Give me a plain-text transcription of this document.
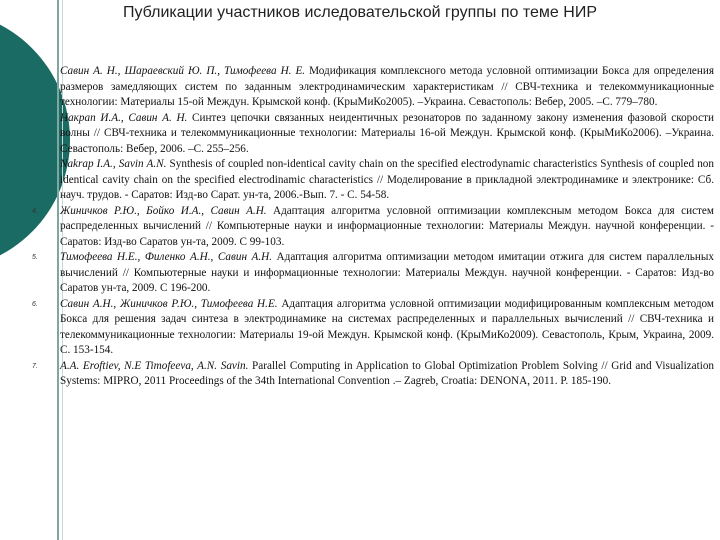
Публикации участников иследовательской группы по теме НИР
Савин А. Н., Шараевский Ю. П., Тимофеева Н. Е. Модификация комплексного метода условной оптимизации Бокса для определения размеров замедляющих систем по заданным электродинамическим характеристикам // СВЧ-техника и телекоммуникационные технологии: Материалы 15-ой Междун. Крымской конф. (КрыМиКо2005). –Украина. Севастополь: Вебер, 2005. –С. 779–780.
Накрап И.А., Савин А. Н. Синтез цепочки связанных неидентичных резонаторов по заданному закону изменения фазовой скорости волны // СВЧ-техника и телекоммуникационные технологии: Материалы 16-ой Междун. Крымской конф. (КрыМиКо2006). –Украина. Севастополь: Вебер, 2006. –С. 255–256.
Nakrap I.A., Savin A.N. Synthesis of coupled non-identical cavity chain on the specified electrodynamic characteristics Synthesis of coupled non identical cavity chain on the specified electrodinamic characteristics // Моделирование в прикладной электродинамике и электронике: Сб. науч. трудов. - Саратов: Изд-во Сарат. ун-та, 2006.-Вып. 7. - С. 54-58.
4. Жиничков Р.Ю., Бойко И.А., Савин А.Н. Адаптация алгоритма условной оптимизации комплексным методом Бокса для систем распределенных вычислений // Компьютерные науки и информационные технологии: Материалы Междун. научной конференции. - Саратов: Изд-во Саратов ун-та, 2009. С 99-103.
5. Тимофеева Н.Е., Филенко А.Н., Савин А.Н. Адаптация алгоритма оптимизации методом имитации отжига для систем параллельных вычислений // Компьютерные науки и информационные технологии: Материалы Междун. научной конференции. - Саратов: Изд-во Саратов ун-та, 2009. С 196-200.
6. Савин А.Н., Жиничков Р.Ю., Тимофеева Н.Е. Адаптация алгоритма условной оптимизации модифицированным комплексным методом Бокса для решения задач синтеза в электродинамике на системах распределенных и параллельных вычислений // СВЧ-техника и телекоммуникационные технологии: Материалы 19-ой Междун. Крымской конф. (КрыМиКо2009). Севастополь, Крым, Украина, 2009. С. 153-154.
7. A.A. Eroftiev, N.E Timofeeva, A.N. Savin. Parallel Computing in Application to Global Optimization Problem Solving // Grid and Visualization Systems: MIPRO, 2011 Proceedings of the 34th International Convention .– Zagreb, Croatia: DENONA, 2011. P. 185-190.
